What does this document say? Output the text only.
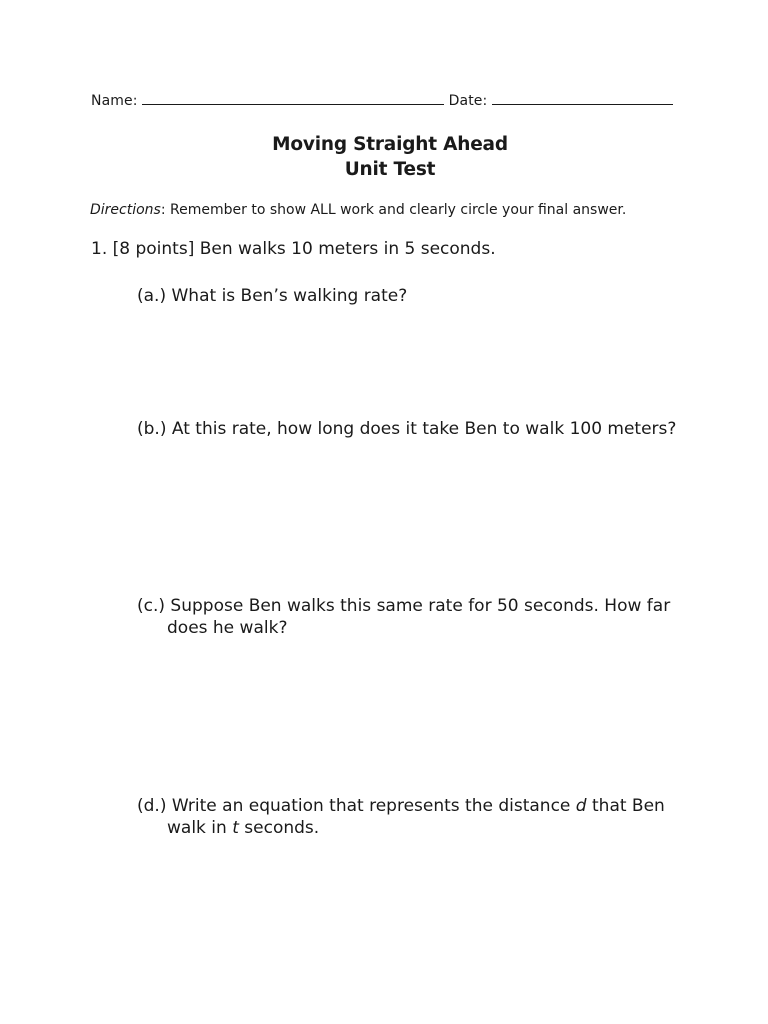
Name:	Date:
Moving Straight Ahead
Unit Test
Directions: Remember to show ALL work and clearly circle your final answer.
1. [8 points] Ben walks 10 meters in 5 seconds.
(a.) What is Ben’s walking rate?
(b.) At this rate, how long does it take Ben to walk 100 meters?
(c.) Suppose Ben walks this same rate for 50 seconds. How far
does he walk?
(d.) Write an equation that represents the distance d that Ben
walk in t seconds.
